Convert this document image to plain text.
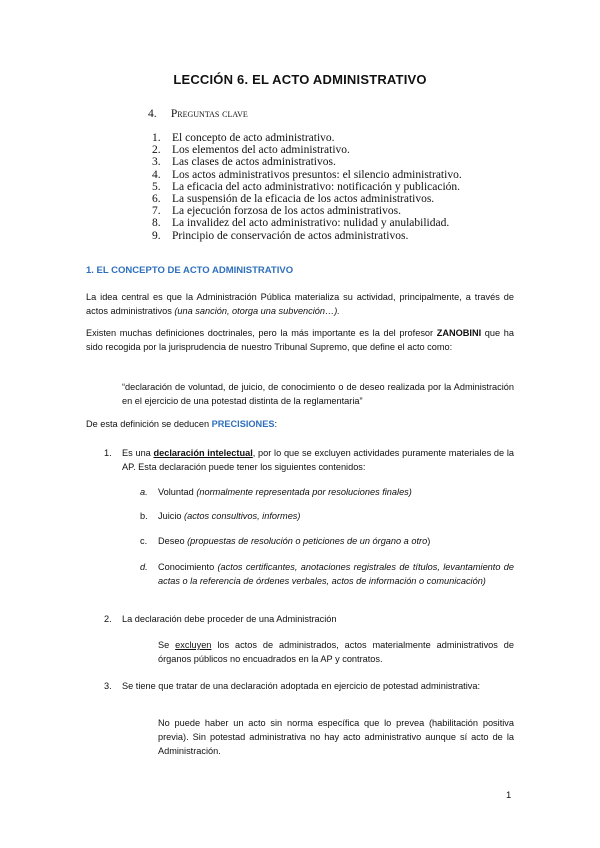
LECCIÓN 6. EL ACTO ADMINISTRATIVO
4. Preguntas clave
1. El concepto de acto administrativo.
2. Los elementos del acto administrativo.
3. Las clases de actos administrativos.
4. Los actos administrativos presuntos: el silencio administrativo.
5. La eficacia del acto administrativo: notificación y publicación.
6. La suspensión de la eficacia de los actos administrativos.
7. La ejecución forzosa de los actos administrativos.
8. La invalidez del acto administrativo: nulidad y anulabilidad.
9. Principio de conservación de actos administrativos.
1. EL CONCEPTO DE ACTO ADMINISTRATIVO
La idea central es que la Administración Pública materializa su actividad, principalmente, a través de actos administrativos (una sanción, otorga una subvención…).
Existen muchas definiciones doctrinales, pero la más importante es la del profesor ZANOBINI que ha sido recogida por la jurisprudencia de nuestro Tribunal Supremo, que define el acto como:
“declaración de voluntad, de juicio, de conocimiento o de deseo realizada por la Administración en el ejercicio de una potestad distinta de la reglamentaria”
De esta definición se deducen PRECISIONES:
1. Es una declaración intelectual, por lo que se excluyen actividades puramente materiales de la AP. Esta declaración puede tener los siguientes contenidos:
a. Voluntad (normalmente representada por resoluciones finales)
b. Juicio (actos consultivos, informes)
c. Deseo (propuestas de resolución o peticiones de un órgano a otro)
d. Conocimiento (actos certificantes, anotaciones registrales de títulos, levantamiento de actas o la referencia de órdenes verbales, actos de información o comunicación)
2. La declaración debe proceder de una Administración
Se excluyen los actos de administrados, actos materialmente administrativos de órganos públicos no encuadrados en la AP y contratos.
3. Se tiene que tratar de una declaración adoptada en ejercicio de potestad administrativa:
No puede haber un acto sin norma específica que lo prevea (habilitación positiva previa). Sin potestad administrativa no hay acto administrativo aunque sí acto de la Administración.
1
